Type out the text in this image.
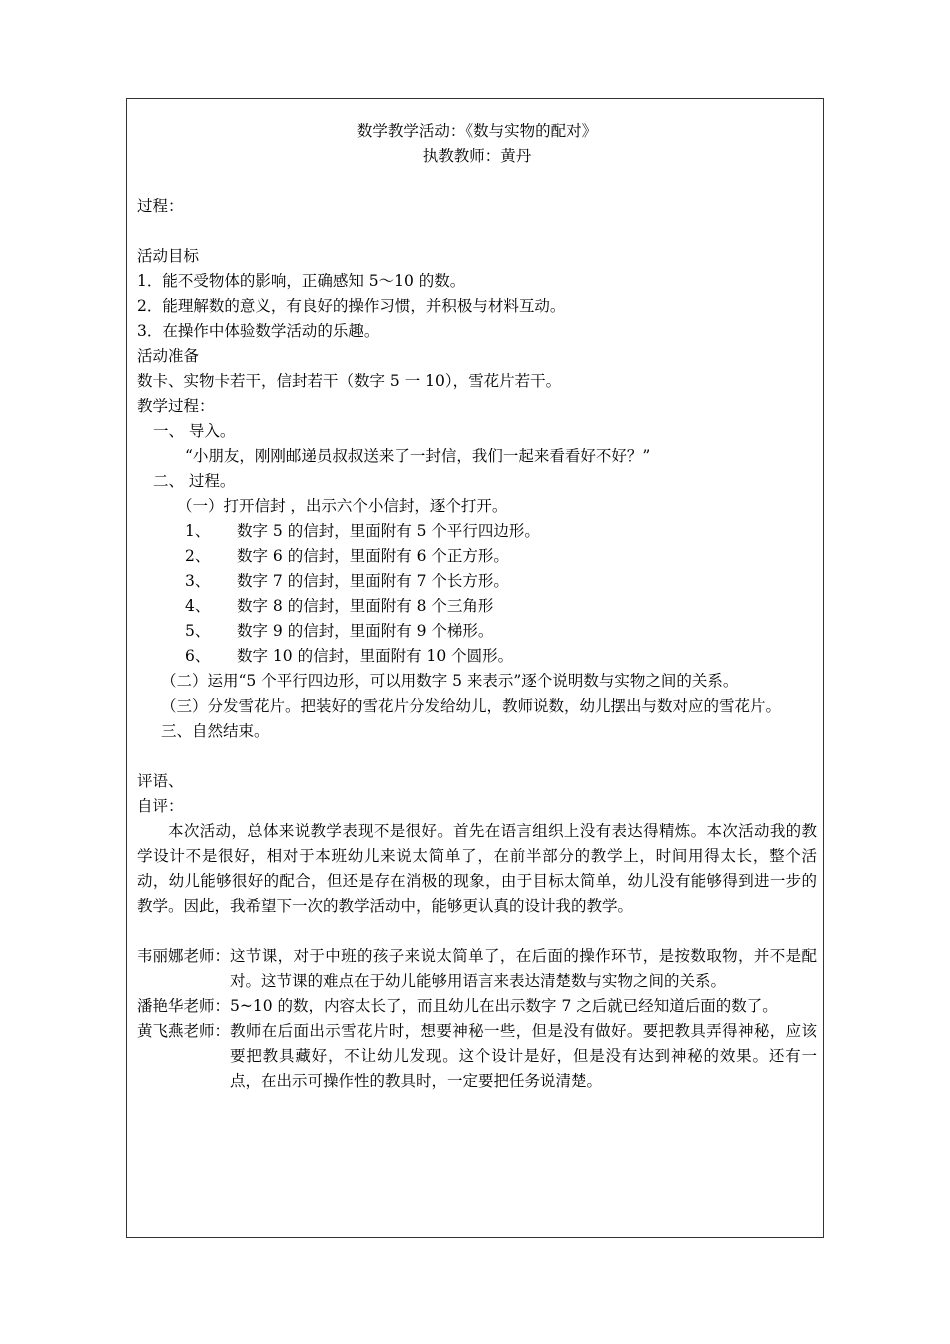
数学教学活动：《数与实物的配对》
执教教师：黄丹
过程：
活动目标
1．能不受物体的影响，正确感知 5～10 的数。
2．能理解数的意义，有良好的操作习惯，并积极与材料互动。
3．在操作中体验数学活动的乐趣。
活动准备
数卡、实物卡若干，信封若干（数字 5 一 10），雪花片若干。
教学过程：
一、 导入。
“小朋友，刚刚邮递员叔叔送来了一封信，我们一起来看看好不好？”
二、 过程。
（一）打开信封 ，出示六个小信封，逐个打开。
1、 数字 5 的信封，里面附有 5 个平行四边形。
2、 数字 6 的信封，里面附有 6 个正方形。
3、 数字 7 的信封，里面附有 7 个长方形。
4、 数字 8 的信封，里面附有 8 个三角形
5、 数字 9 的信封，里面附有 9 个梯形。
6、 数字 10 的信封，里面附有 10 个圆形。
（二）运用“5 个平行四边形，可以用数字 5 来表示”逐个说明数与实物之间的关系。
（三）分发雪花片。把装好的雪花片分发给幼儿，教师说数，幼儿摆出与数对应的雪花片。
三、自然结束。
评语、
自评：
本次活动，总体来说教学表现不是很好。首先在语言组织上没有表达得精炼。本次活动我的教学设计不是很好，相对于本班幼儿来说太简单了，在前半部分的教学上，时间用得太长，整个活动，幼儿能够很好的配合，但还是存在消极的现象，由于目标太简单，幼儿没有能够得到进一步的教学。因此，我希望下一次的教学活动中，能够更认真的设计我的教学。
韦丽娜老师： 这节课，对于中班的孩子来说太简单了，在后面的操作环节，是按数取物，并不是配对。这节课的难点在于幼儿能够用语言来表达清楚数与实物之间的关系。
潘艳华老师： 5~10 的数，内容太长了，而且幼儿在出示数字 7 之后就已经知道后面的数了。
黄飞燕老师： 教师在后面出示雪花片时，想要神秘一些，但是没有做好。要把教具弄得神秘，应该要把教具藏好，不让幼儿发现。这个设计是好，但是没有达到神秘的效果。还有一点，在出示可操作性的教具时，一定要把任务说清楚。
